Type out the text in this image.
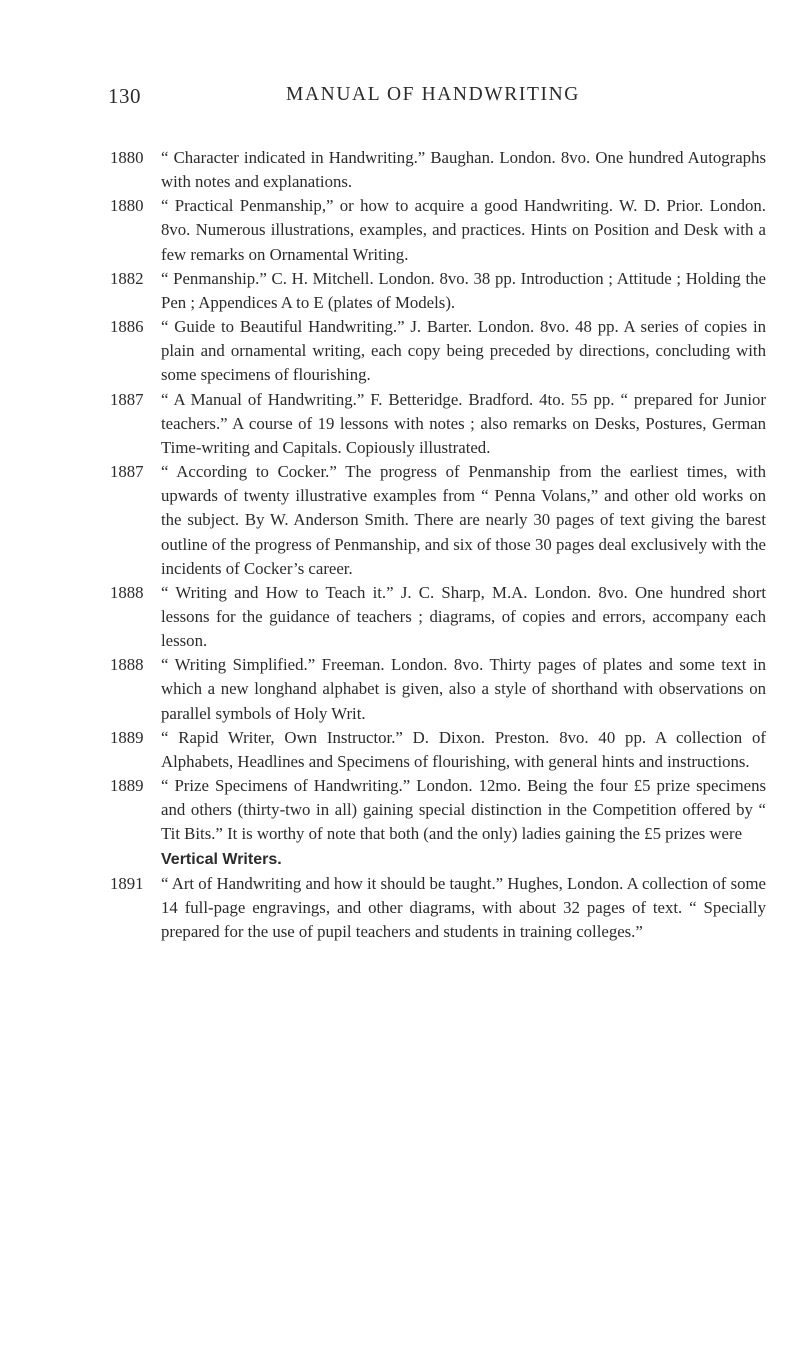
130	MANUAL OF HANDWRITING

1880 “ Character indicated in Handwriting.” Baughan. London. 8vo. One hundred Autographs with notes and explanations.

1880 “ Practical Penmanship,” or how to acquire a good Handwriting. W. D. Prior. London. 8vo. Numerous illustrations, examples, and practices. Hints on Position and Desk with a few remarks on Ornamental Writing.

1882 “ Penmanship.” C. H. Mitchell. London. 8vo. 38 pp. Introduction ; Attitude ; Holding the Pen ; Appendices A to E (plates of Models).

1886 “ Guide to Beautiful Handwriting.” J. Barter. London. 8vo. 48 pp. A series of copies in plain and ornamental writing, each copy being preceded by directions, concluding with some specimens of flourishing.

1887 “ A Manual of Handwriting.” F. Betteridge. Bradford. 4to. 55 pp. “ prepared for Junior teachers.” A course of 19 lessons with notes ; also remarks on Desks, Postures, German Time-writing and Capitals. Copiously illustrated.

1887 “ According to Cocker.” The progress of Penmanship from the earliest times, with upwards of twenty illustrative examples from “ Penna Volans,” and other old works on the subject. By W. Anderson Smith. There are nearly 30 pages of text giving the barest outline of the progress of Penmanship, and six of those 30 pages deal exclusively with the incidents of Cocker’s career.

1888 “ Writing and How to Teach it.” J. C. Sharp, M.A. London. 8vo. One hundred short lessons for the guidance of teachers ; diagrams, of copies and errors, accompany each lesson.

1888 “ Writing Simplified.” Freeman. London. 8vo. Thirty pages of plates and some text in which a new longhand alphabet is given, also a style of shorthand with observations on parallel symbols of Holy Writ.

1889 “ Rapid Writer, Own Instructor.” D. Dixon. Preston. 8vo. 40 pp. A collection of Alphabets, Headlines and Specimens of flourishing, with general hints and instructions.

1889 “ Prize Specimens of Handwriting.” London. 12mo. Being the four £5 prize specimens and others (thirty-two in all) gaining special distinction in the Competition offered by “ Tit Bits.” It is worthy of note that both (and the only) ladies gaining the £5 prizes were
Vertical Writers.

1891 “ Art of Handwriting and how it should be taught.” Hughes, London. A collection of some 14 full-page engravings, and other diagrams, with about 32 pages of text. “ Specially prepared for the use of pupil teachers and students in training colleges.”
